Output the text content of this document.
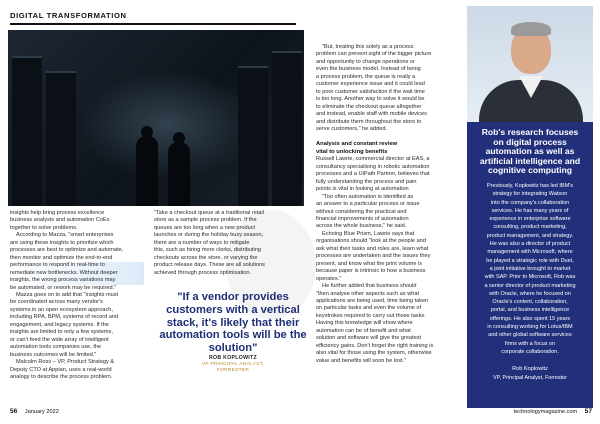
DIGITAL TRANSFORMATION

insights help bring process excellence

business analysts and automation CoEs

together to solve problems.

According to Mazza, "smart enterprises

are using these insights to prioritize which

processes are best to optimize and automate,

then monitor and optimize the end-to-end

performance to respond in real-time to

remediate new bottlenecks. Without deeper

insights, the wrong process variations may

be automated, or rework may be required."

Mazza goes on to add that "insights must

be coordinated across many vendor's

systems in an open ecosystem approach,

including RPA, BPM, systems of record and

engagement, and legacy systems. If the

insights are limited to only a few systems,

or can't feed the wide array of intelligent

automation tools companies use, the

business outcomes will be limited."

Malcolm Ross – VP, Product Strategy &

Deputy CTO at Appian, uses a real-world

analogy to describe the process problem.

"Take a checkout queue at a traditional retail

store as a sample process problem. If the

queues are too long when a new product

launches or during the holiday busy season,

there are a number of ways to mitigate

this, such as hiring more clerks, distributing

checkouts across the store, or varying the

product release days. These are all solutions

achieved through process optimisation.

"If a vendor provides customers with a vertical stack, it's likely that their automation tools will be the solution"
ROB KOPLOWITZ
VP PRINCIPAL ANALYST,
FORRESTER

"But, treating this solely as a process

problem can prevent sight of the bigger picture

and opportunity to change operations or

even the business model. Instead of being

a process problem, the queue is really a

customer experience issue and it could lead

to poor customer satisfaction if the wait time

is too long. Another way to solve it would be

to eliminate the checkout queue altogether

and instead, enable staff with mobile devices

and distribute them throughout the store to

serve customers," he added.

Analysis and constant review

vital to unlocking benefits

Russell Lawrie, commercial director at EAS, a

consultancy specialising in robotic automation

processes and a UiPath Partner, believes that

fully understanding the process and pain

points is vital in looking at automation

"Too often automation is identified as

an answer to a particular process or issue

without considering the practical and

financial improvements of automation

across the whole business," he said.

Echoing Blue Prism, Lawrie says that

organisations should "look at the people and

ask what their tasks and roles are, learn what

processes are undertaken and the issues they

present, and know what the print volume is

because paper is intrinsic to how a business

operates."

He further added that business should

"then analyse other aspects such as what

applications are being used, time being taken

on particular tasks and even the volume of

keystrokes required to carry out those tasks.

Having this knowledge will show where

automation can be of benefit and what

solution and software will give the greatest

efficiency gains. Don't forget the right training is

also vital for those using the system, otherwise

value and benefits will soon be lost."

Rob's research focuses
on digital process
automation as well as
artificial intelligence and
cognitive computing
Previously, Koplowitz has led IBM's
strategy for integrating Watson
into the company's collaboration
services. He has many years of
experience in enterprise software
consulting, product marketing,
product management, and strategy.
He was also a director of product
management with Microsoft, where
he played a strategic role with Duet,
a joint initiative brought to market
with SAP. Prior to Microsoft, Rob was
a senior director of product marketing
with Oracle, where he focused on
Oracle's content, collaboration,
portal, and business intelligence
offerings. He also spent 15 years
in consulting working for Lotus/IBM
and other global software services
firms with a focus on
corporate collaboration.
Rob Koplowitz
VP, Principal Analyst, Forrester
56 January 2022	technologymagazine.com 57
